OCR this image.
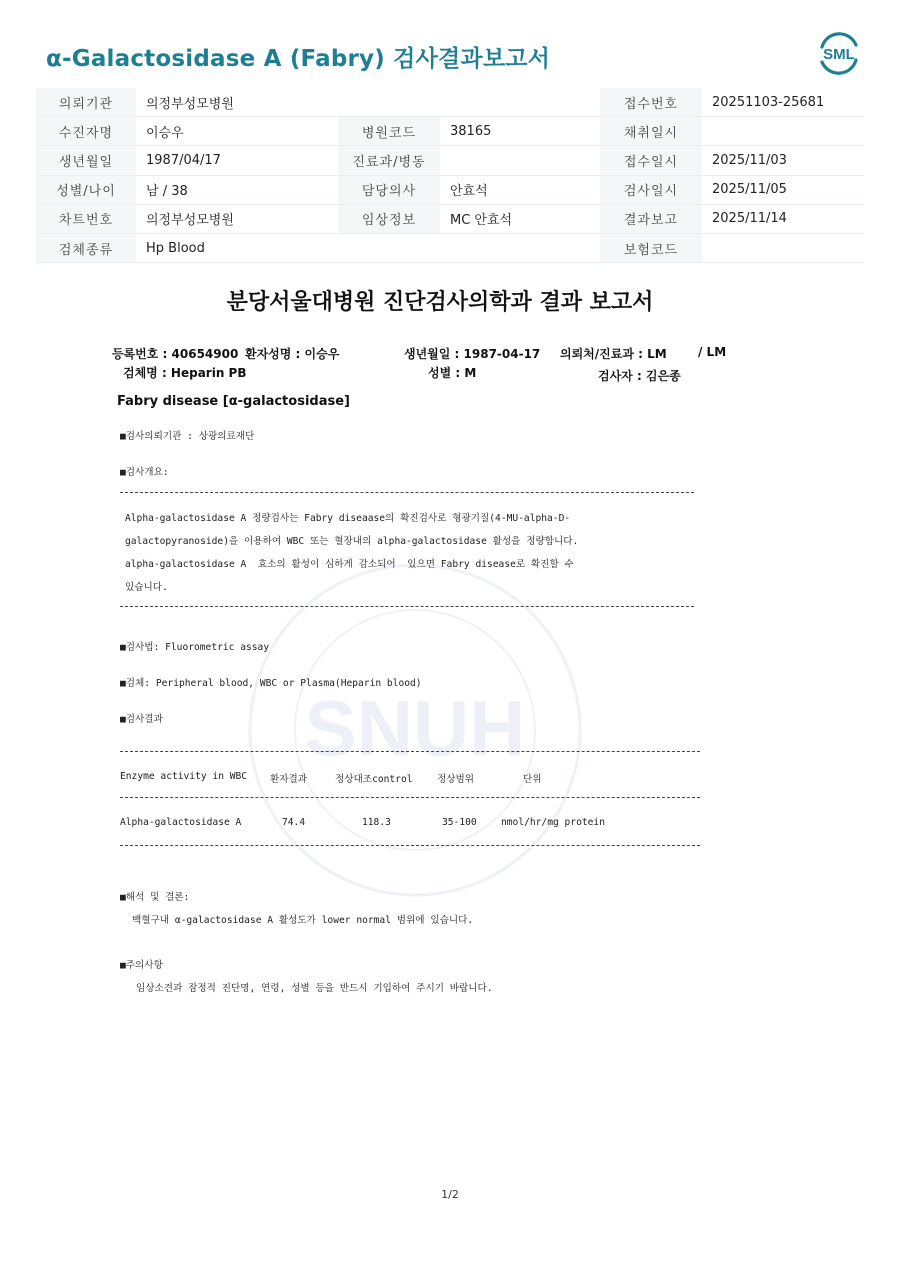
α-Galactosidase A (Fabry) 검사결과보고서	SML
의뢰기관	의정부성모병원			접수번호	20251103-25681
수진자명	이승우	병원코드	38165	채취일시	
생년월일	1987/04/17	진료과/병동		접수일시	2025/11/03
성별/나이	남 / 38	담당의사	안효석	검사일시	2025/11/05
차트번호	의정부성모병원	임상정보	MC 안효석	결과보고	2025/11/14
검체종류	Hp Blood			보험코드	
SNUH
분당서울대병원 진단검사의학과 결과 보고서
등록번호 : 40654900 환자성명 : 이승우	생년월일 : 1987-04-17 의뢰처/진료과 : LM	/ LM
검체명 : Heparin PB	성별 : M	검사자 : 김은종
Fabry disease [α-galactosidase]
■검사의뢰기관 : 상광의료재단
■검사개요:
Alpha-galactosidase A 정량검사는 Fabry diseaase의 확진검사로 형광기질(4-MU-alpha-D-
galactopyranoside)을 이용하여 WBC 또는 혈장내의 alpha-galactosidase 활성을 정량합니다.
alpha-galactosidase A  효소의 활성이 심하게 감소되어  있으면 Fabry disease로 확진할 수
있습니다.
■검사법: Fluorometric assay
■검체: Peripheral blood, WBC or Plasma(Heparin blood)
■검사결과
Enzyme activity in WBC 환자결과	정상대조control	정상범위	단위
Alpha-galactosidase A	74.4	118.3	35-100	nmol/hr/mg protein
■해석 및 결론:
백혈구내 α-galactosidase A 활성도가 lower normal 범위에 있습니다.
■주의사항
임상소견과 잠정적 진단명, 연령, 성별 등을 반드시 기입하여 주시기 바랍니다.
1/2
